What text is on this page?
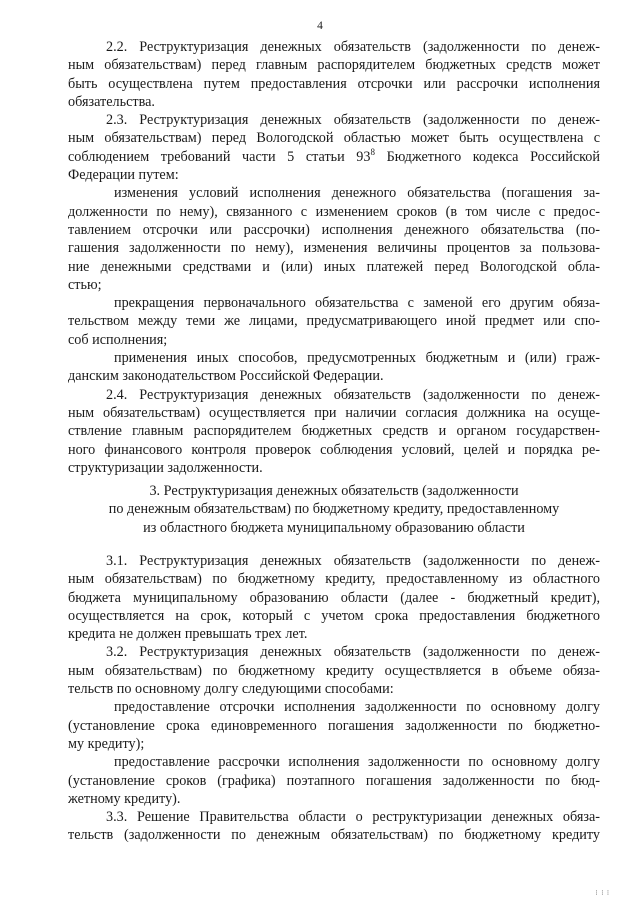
4
2.2. Реструктуризация денежных обязательств (задолженности по денеж-
ным обязательствам) перед главным распорядителем бюджетных средств может
быть осуществлена путем предоставления отсрочки или рассрочки исполнения
обязательства.
2.3. Реструктуризация денежных обязательств (задолженности по денеж-
ным обязательствам) перед Вологодской областью может быть осуществлена с
соблюдением требований части 5 статьи $93^8$ Бюджетного кодекса Российской
Федерации путем:
изменения условий исполнения денежного обязательства (погашения за-
долженности по нему), связанного с изменением сроков (в том числе с предос-
тавлением отсрочки или рассрочки) исполнения денежного обязательства (по-
гашения задолженности по нему), изменения величины процентов за пользова-
ние денежными средствами и (или) иных платежей перед Вологодской обла-
стью;
прекращения первоначального обязательства с заменой его другим обяза-
тельством между теми же лицами, предусматривающего иной предмет или спо-
соб исполнения;
применения иных способов, предусмотренных бюджетным и (или) граж-
данским законодательством Российской Федерации.
2.4. Реструктуризация денежных обязательств (задолженности по денеж-
ным обязательствам) осуществляется при наличии согласия должника на осуще-
ствление главным распорядителем бюджетных средств и органом государствен-
ного финансового контроля проверок соблюдения условий, целей и порядка ре-
структуризации задолженности.
3. Реструктуризация денежных обязательств (задолженности
по денежным обязательствам) по бюджетному кредиту, предоставленному
из областного бюджета муниципальному образованию области
3.1. Реструктуризация денежных обязательств (задолженности по денеж-
ным обязательствам) по бюджетному кредиту, предоставленному из областного
бюджета муниципальному образованию области (далее - бюджетный кредит),
осуществляется на срок, который с учетом срока предоставления бюджетного
кредита не должен превышать трех лет.
3.2. Реструктуризация денежных обязательств (задолженности по денеж-
ным обязательствам) по бюджетному кредиту осуществляется в объеме обяза-
тельств по основному долгу следующими способами:
предоставление отсрочки исполнения задолженности по основному долгу
(установление срока единовременного погашения задолженности по бюджетно-
му кредиту);
предоставление рассрочки исполнения задолженности по основному долгу
(установление сроков (графика) поэтапного погашения задолженности по бюд-
жетному кредиту).
3.3. Решение Правительства области о реструктуризации денежных обяза-
тельств (задолженности по денежным обязательствам) по бюджетному кредиту
⁞ ⁞ ⁞
